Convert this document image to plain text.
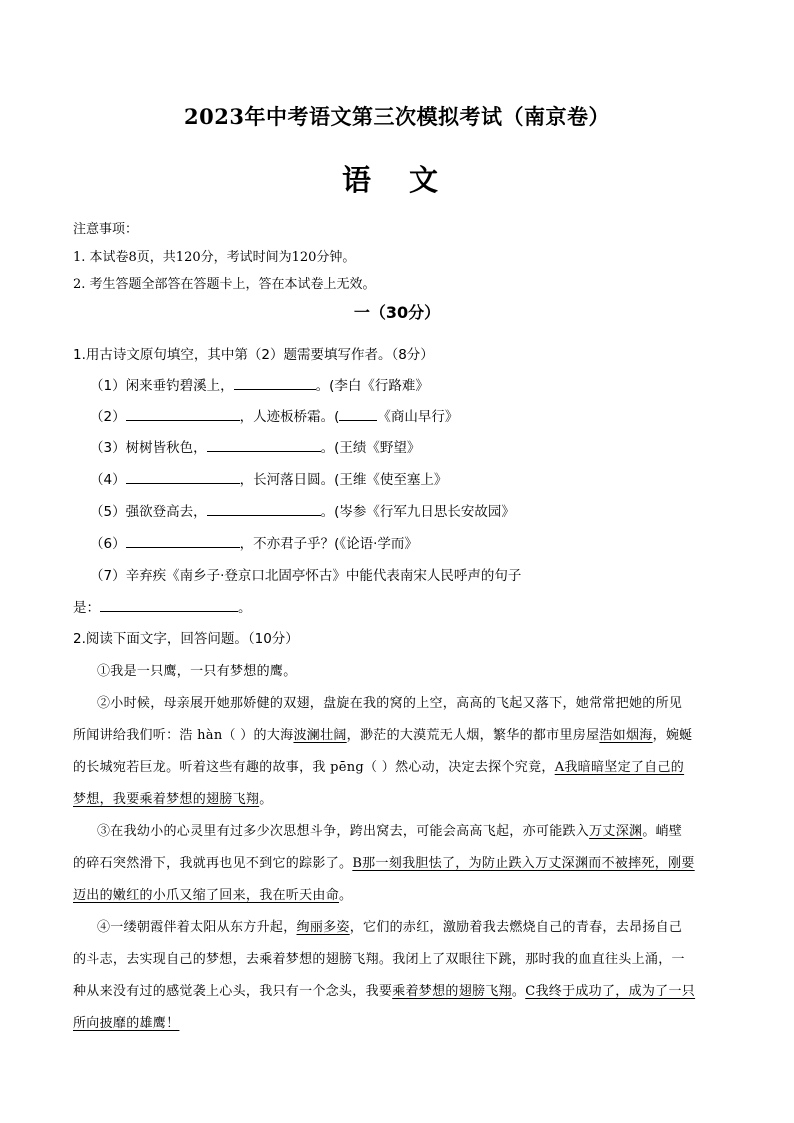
2023年中考语文第三次模拟考试（南京卷）
语 文
注意事项：
1. 本试卷8页，共120分，考试时间为120分钟。
2. 考生答题全部答在答题卡上，答在本试卷上无效。
一（30分）
1.用古诗文原句填空，其中第（2）题需要填写作者。（8分）
（1）闲来垂钓碧溪上，	。(李白《行路难》
（2）	，人迹板桥霜。(	《商山早行》
（3）树树皆秋色，	。(王绩《野望》
（4）	，长河落日圆。(王维《使至塞上》
（5）强欲登高去，	。(岑参《行军九日思长安故园》
（6）	，不亦君子乎？(《论语·学而》
（7）辛弃疾《南乡子·登京口北固亭怀古》中能代表南宋人民呼声的句子
是：	。
2.阅读下面文字，回答问题。（10分）
①我是一只鹰，一只有梦想的鹰。
②小时候，母亲展开她那娇健的双翅，盘旋在我的窝的上空，高高的飞起又落下，她常常把她的所见
所闻讲给我们听：浩 hàn（ ）的大海波澜壮阔，渺茫的大漠荒无人烟，繁华的都市里房屋浩如烟海，婉蜒
的长城宛若巨龙。听着这些有趣的故事，我 pēng（ ）然心动，决定去探个究竟，A我暗暗坚定了自己的
梦想，我要乘着梦想的翅膀飞翔。
③在我幼小的心灵里有过多少次思想斗争，跨出窝去，可能会高高飞起，亦可能跌入万丈深渊。峭壁
的碎石突然滑下，我就再也见不到它的踪影了。B那一刻我胆怯了，为防止跌入万丈深渊而不被摔死，刚要
迈出的嫩红的小爪又缩了回来，我在听天由命。
④一缕朝霞伴着太阳从东方升起，绚丽多姿，它们的赤红，激励着我去燃烧自己的青春，去昂扬自己
的斗志，去实现自己的梦想，去乘着梦想的翅膀飞翔。我闭上了双眼往下跳，那时我的血直往头上涌，一
种从来没有过的感觉袭上心头，我只有一个念头，我要乘着梦想的翅膀飞翔。C我终于成功了，成为了一只
所向披靡的雄鹰！
